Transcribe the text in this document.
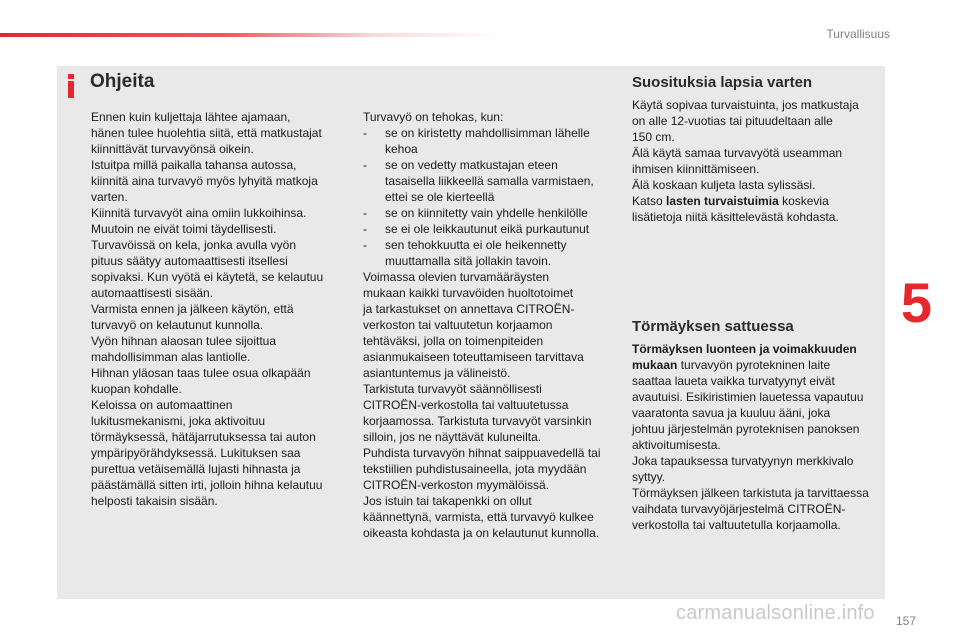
Turvallisuus
Ohjeita

Ennen kuin kuljettaja lähtee ajamaan,

hänen tulee huolehtia siitä, että matkustajat

kiinnittävät turvavyönsä oikein.

Istuitpa millä paikalla tahansa autossa,

kiinnitä aina turvavyö myös lyhyitä matkoja

varten.

Kiinnitä turvavyöt aina omiin lukkoihinsa.

Muutoin ne eivät toimi täydellisesti.

Turvavöissä on kela, jonka avulla vyön

pituus säätyy automaattisesti itsellesi

sopivaksi. Kun vyötä ei käytetä, se kelautuu

automaattisesti sisään.

Varmista ennen ja jälkeen käytön, että

turvavyö on kelautunut kunnolla.

Vyön hihnan alaosan tulee sijoittua

mahdollisimman alas lantiolle.

Hihnan yläosan taas tulee osua olkapään

kuopan kohdalle.

Keloissa on automaattinen

lukitusmekanismi, joka aktivoituu

törmäyksessä, hätäjarrutuksessa tai auton

ympäripyörähdyksessä. Lukituksen saa

purettua vetäisemällä lujasti hihnasta ja

päästämällä sitten irti, jolloin hihna kelautuu

helposti takaisin sisään.

Turvavyö on tehokas, kun:

- se on kiristetty mahdollisimman lähelle
kehoa
- se on vedetty matkustajan eteen
tasaisella liikkeellä samalla varmistaen,
ettei se ole kierteellä
- se on kiinnitetty vain yhdelle henkilölle
- se ei ole leikkautunut eikä purkautunut
- sen tehokkuutta ei ole heikennetty
muuttamalla sitä jollakin tavoin.

Voimassa olevien turvamääräysten

mukaan kaikki turvavöiden huoltotoimet

ja tarkastukset on annettava CITROËN-

verkoston tai valtuutetun korjaamon

tehtäväksi, jolla on toimenpiteiden

asianmukaiseen toteuttamiseen tarvittava

asiantuntemus ja välineistö.

Tarkistuta turvavyöt säännöllisesti

CITROËN-verkostolla tai valtuutetussa

korjaamossa. Tarkistuta turvavyöt varsinkin

silloin, jos ne näyttävät kuluneilta.

Puhdista turvavyön hihnat saippuavedellä tai

tekstiilien puhdistusaineella, jota myydään

CITROËN-verkoston myymälöissä.

Jos istuin tai takapenkki on ollut

käännettynä, varmista, että turvavyö kulkee

oikeasta kohdasta ja on kelautunut kunnolla.

Suosituksia lapsia varten

Käytä sopivaa turvaistuinta, jos matkustaja

on alle 12-vuotias tai pituudeltaan alle

150 cm.

Älä käytä samaa turvavyötä useamman

ihmisen kiinnittämiseen.

Älä koskaan kuljeta lasta sylissäsi.

Katso lasten turvaistuimia koskevia

lisätietoja niitä käsittelevästä kohdasta.

Törmäyksen sattuessa

Törmäyksen luonteen ja voimakkuuden

mukaan turvavyön pyrotekninen laite

saattaa laueta vaikka turvatyynyt eivät

avautuisi. Esikiristimien lauetessa vapautuu

vaaratonta savua ja kuuluu ääni, joka

johtuu järjestelmän pyroteknisen panoksen

aktivoitumisesta.

Joka tapauksessa turvatyynyn merkkivalo

syttyy.

Törmäyksen jälkeen tarkistuta ja tarvittaessa

vaihdata turvavyöjärjestelmä CITROËN-

verkostolla tai valtuutetulla korjaamolla.

5
157
carmanualsonline.info
